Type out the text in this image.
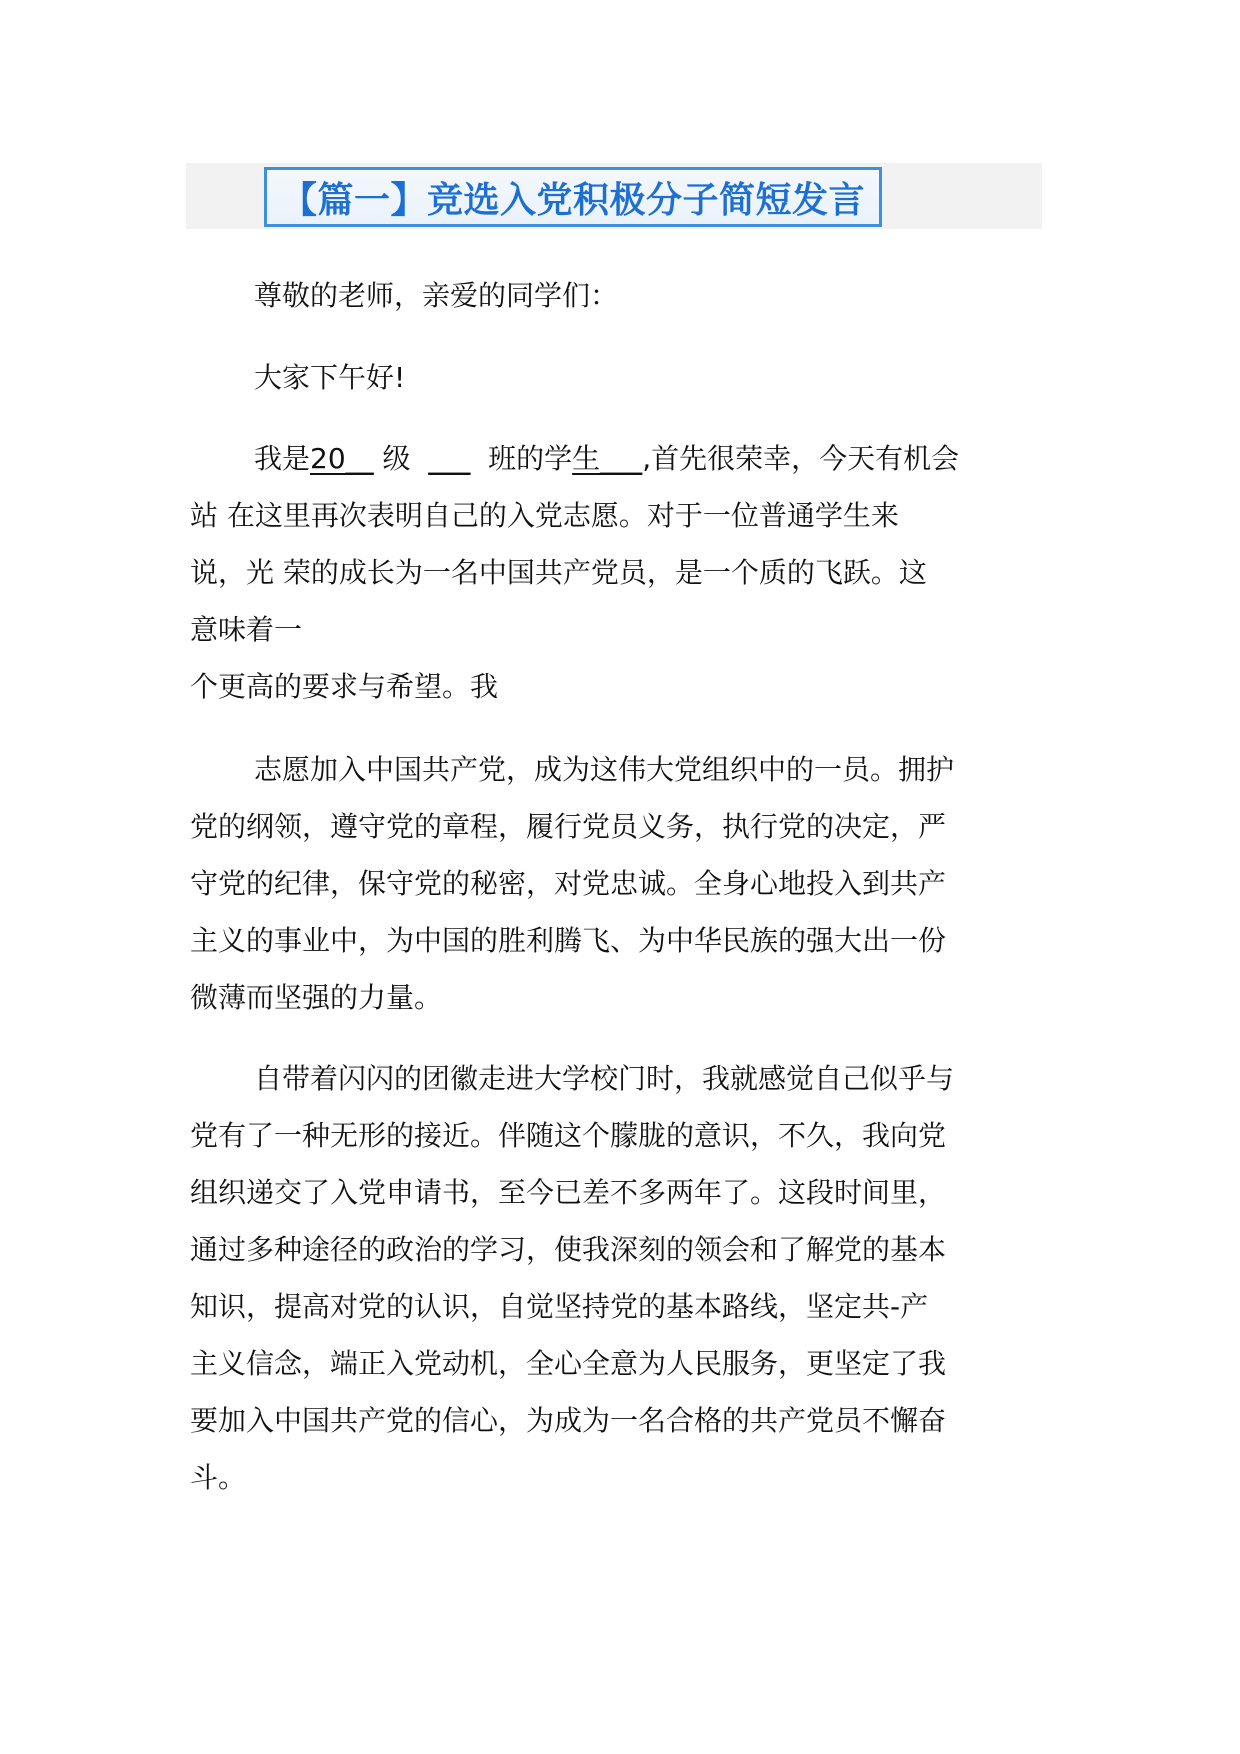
【篇一】竞选入党积极分子简短发言

尊敬的老师，亲爱的同学们：

大家下午好!

我是20__ 级  ___  班的学生___,首先很荣幸，今天有机会
站 在这里再次表明自己的入党志愿。对于一位普通学生来
说，光 荣的成长为一名中国共产党员，是一个质的飞跃。这
意味着一
个更高的要求与希望。我

志愿加入中国共产党，成为这伟大党组织中的一员。拥护
党的纲领，遵守党的章程，履行党员义务，执行党的决定，严
守党的纪律，保守党的秘密，对党忠诚。全身心地投入到共产
主义的事业中，为中国的胜利腾飞、为中华民族的强大出一份
微薄而坚强的力量。

自带着闪闪的团徽走进大学校门时，我就感觉自己似乎与
党有了一种无形的接近。伴随这个朦胧的意识，不久，我向党
组织递交了入党申请书，至今已差不多两年了。这段时间里，
通过多种途径的政治的学习，使我深刻的领会和了解党的基本
知识，提高对党的认识，自觉坚持党的基本路线，坚定共-产
主义信念，端正入党动机，全心全意为人民服务，更坚定了我
要加入中国共产党的信心，为成为一名合格的共产党员不懈奋
斗。
